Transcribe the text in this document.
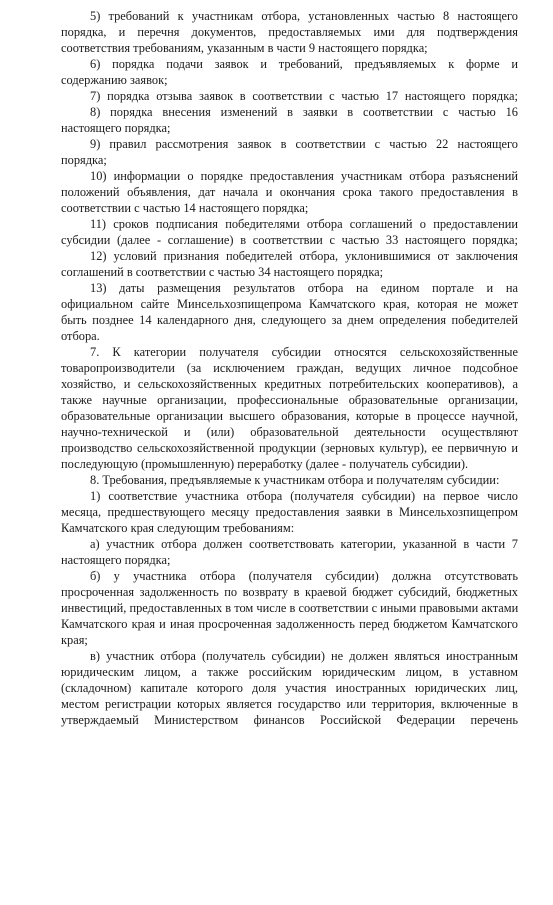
5) требований к участникам отбора, установленных частью 8 настоящего
порядка, и перечня документов, предоставляемых ими для подтверждения
соответствия требованиям, указанным в части 9 настоящего порядка;
6) порядка подачи заявок и требований, предъявляемых к форме и
содержанию заявок;
7) порядка отзыва заявок в соответствии с частью 17 настоящего порядка;
8) порядка внесения изменений в заявки в соответствии с частью 16
настоящего порядка;
9) правил рассмотрения заявок в соответствии с частью 22 настоящего
порядка;
10) информации о порядке предоставления участникам отбора разъяснений
положений объявления, дат начала и окончания срока такого предоставления в
соответствии с частью 14 настоящего порядка;
11) сроков подписания победителями отбора соглашений о предоставлении
субсидии (далее - соглашение) в соответствии с частью 33 настоящего порядка;
12) условий признания победителей отбора, уклонившимися от заключения
соглашений в соответствии с частью 34 настоящего порядка;
13) даты размещения результатов отбора на едином портале и на
официальном сайте Минсельхозпищепрома Камчатского края, которая не может
быть позднее 14 календарного дня, следующего за днем определения победителей
отбора.
7. К категории получателя субсидии относятся сельскохозяйственные
товаропроизводители (за исключением граждан, ведущих личное подсобное
хозяйство, и сельскохозяйственных кредитных потребительских кооперативов), а
также научные организации, профессиональные образовательные организации,
образовательные организации высшего образования, которые в процессе научной,
научно-технической и (или) образовательной деятельности осуществляют
производство сельскохозяйственной продукции (зерновых культур), ее первичную и
последующую (промышленную) переработку (далее - получатель субсидии).
8. Требования, предъявляемые к участникам отбора и получателям субсидии:
1) соответствие участника отбора (получателя субсидии) на первое число
месяца, предшествующего месяцу предоставления заявки в Минсельхозпищепром
Камчатского края следующим требованиям:
а) участник отбора должен соответствовать категории, указанной в части 7
настоящего порядка;
б) у участника отбора (получателя субсидии) должна отсутствовать
просроченная задолженность по возврату в краевой бюджет субсидий, бюджетных
инвестиций, предоставленных в том числе в соответствии с иными правовыми актами
Камчатского края и иная просроченная задолженность перед бюджетом Камчатского
края;
в) участник отбора (получатель субсидии) не должен являться иностранным
юридическим лицом, а также российским юридическим лицом, в уставном
(складочном) капитале которого доля участия иностранных юридических лиц,
местом регистрации которых является государство или территория, включенные в
утверждаемый Министерством финансов Российской Федерации перечень
